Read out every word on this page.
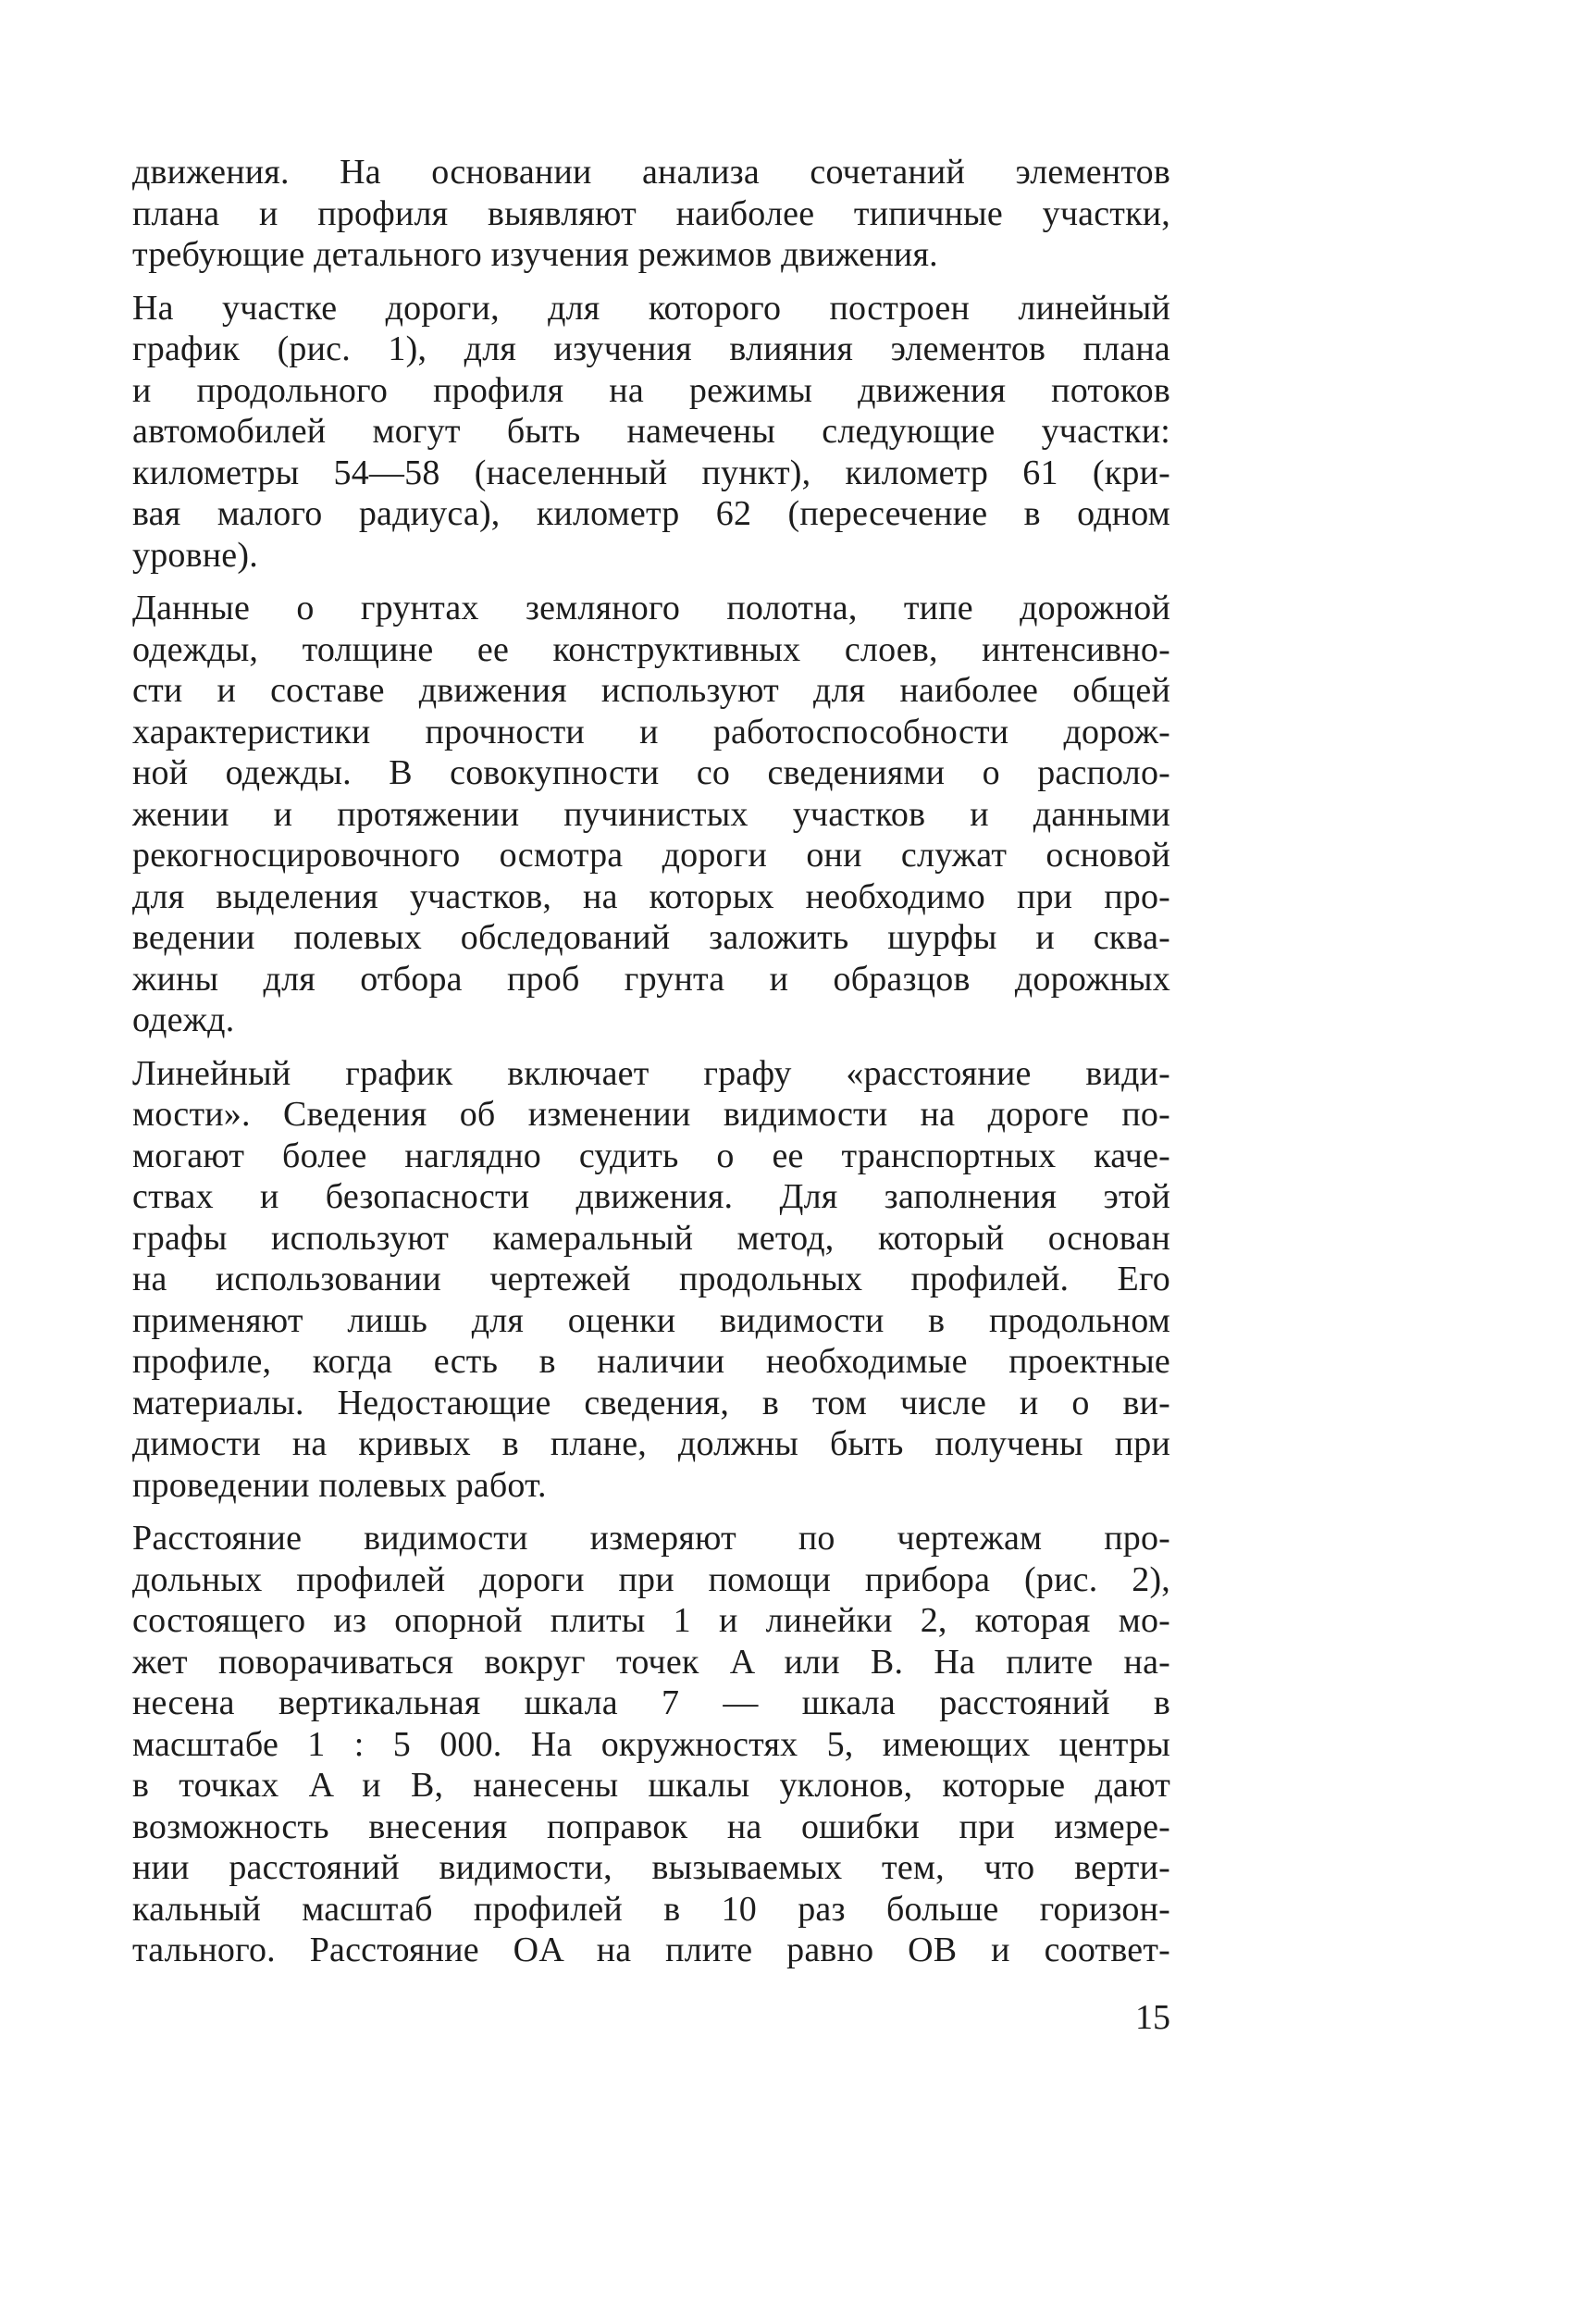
движения. На основании анализа сочетаний элементов
плана и профиля выявляют наиболее типичные участки,
требующие детального изучения режимов движения.

На участке дороги, для которого построен линейный
график (рис. 1), для изучения влияния элементов плана
и продольного профиля на режимы движения потоков
автомобилей могут быть намечены следующие участки:
километры 54—58 (населенный пункт), километр 61 (кри-
вая малого радиуса), километр 62 (пересечение в одном
уровне).

Данные о грунтах земляного полотна, типе дорожной
одежды, толщине ее конструктивных слоев, интенсивно-
сти и составе движения используют для наиболее общей
характеристики прочности и работоспособности дорож-
ной одежды. В совокупности со сведениями о располо-
жении и протяжении пучинистых участков и данными
рекогносцировочного осмотра дороги они служат основой
для выделения участков, на которых необходимо при про-
ведении полевых обследований заложить шурфы и сква-
жины для отбора проб грунта и образцов дорожных
одежд.

Линейный график включает графу «расстояние види-
мости». Сведения об изменении видимости на дороге по-
могают более наглядно судить о ее транспортных каче-
ствах и безопасности движения. Для заполнения этой
графы используют камеральный метод, который основан
на использовании чертежей продольных профилей. Его
применяют лишь для оценки видимости в продольном
профиле, когда есть в наличии необходимые проектные
материалы. Недостающие сведения, в том числе и о ви-
димости на кривых в плане, должны быть получены при
проведении полевых работ.

Расстояние видимости измеряют по чертежам про-
дольных профилей дороги при помощи прибора (рис. 2),
состоящего из опорной плиты 1 и линейки 2, которая мо-
жет поворачиваться вокруг точек A или B. На плите на-
несена вертикальная шкала 7 — шкала расстояний в
масштабе 1 : 5 000. На окружностях 5, имеющих центры
в точках A и B, нанесены шкалы уклонов, которые дают
возможность внесения поправок на ошибки при измере-
нии расстояний видимости, вызываемых тем, что верти-
кальный масштаб профилей в 10 раз больше горизон-
тального. Расстояние OA на плите равно OB и соответ-

15
